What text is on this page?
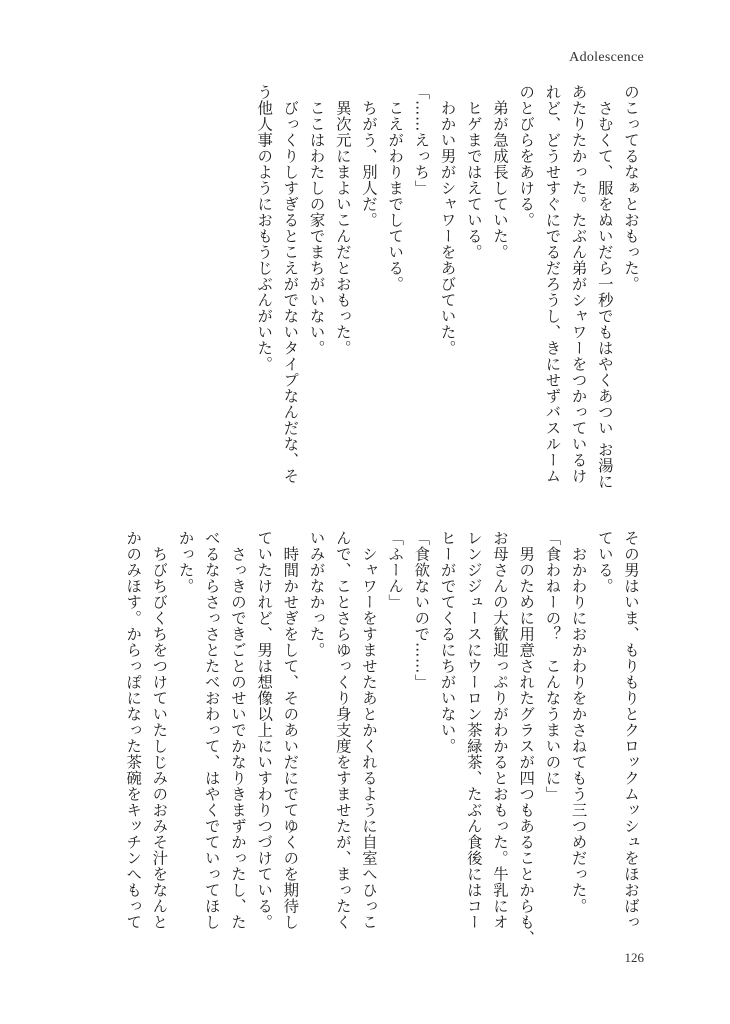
Adolescence
のこってるなぁとおもった。
　さむくて、服をぬいだら一秒でもはやくあつい お湯に
あたりたかった。たぶん弟がシャワーをつかっているけ
れど、どうせすぐにでるだろうし、きにせずバスルーム
のとびらをあける。
　弟が急成長していた。
　ヒゲまではえている。
　わかい男がシャワーをあびていた。
「……えっち」
　こえがわりまでしている。
　ちがう、別人だ。
　異次元にまよいこんだとおもった。
　ここはわたしの家でまちがいない。
　びっくりしすぎるとこえがでないタイプなんだな、そ
う他人事のようにおもうじぶんがいた。
その男はいま、もりもりとクロックムッシュをほおばっ
ている。
　おかわりにおかわりをかさねてもう三つめだった。
「食わねーの？　こんなうまいのに」
　男のために用意されたグラスが四つもあることからも、
お母さんの大歓迎っぷりがわかるとおもった。牛乳にオ
レンジジュースにウーロン茶緑茶、たぶん食後にはコー
ヒーがでてくるにちがいない。
「食欲ないので……」
「ふーん」
　シャワーをすませたあとかくれるように自室へひっこ
んで、ことさらゆっくり身支度をすませたが、まったく
いみがなかった。
　時間かせぎをして、そのあいだにでてゆくのを期待し
ていたけれど、男は想像以上にいすわりつづけている。
　さっきのできごとのせいでかなりきまずかったし、た
べるならさっさとたべおわって、はやくでていってほし
かった。
　ちびちびくちをつけていたしじみのおみそ汁をなんと
かのみほす。からっぽになった茶碗をキッチンへもって
126
